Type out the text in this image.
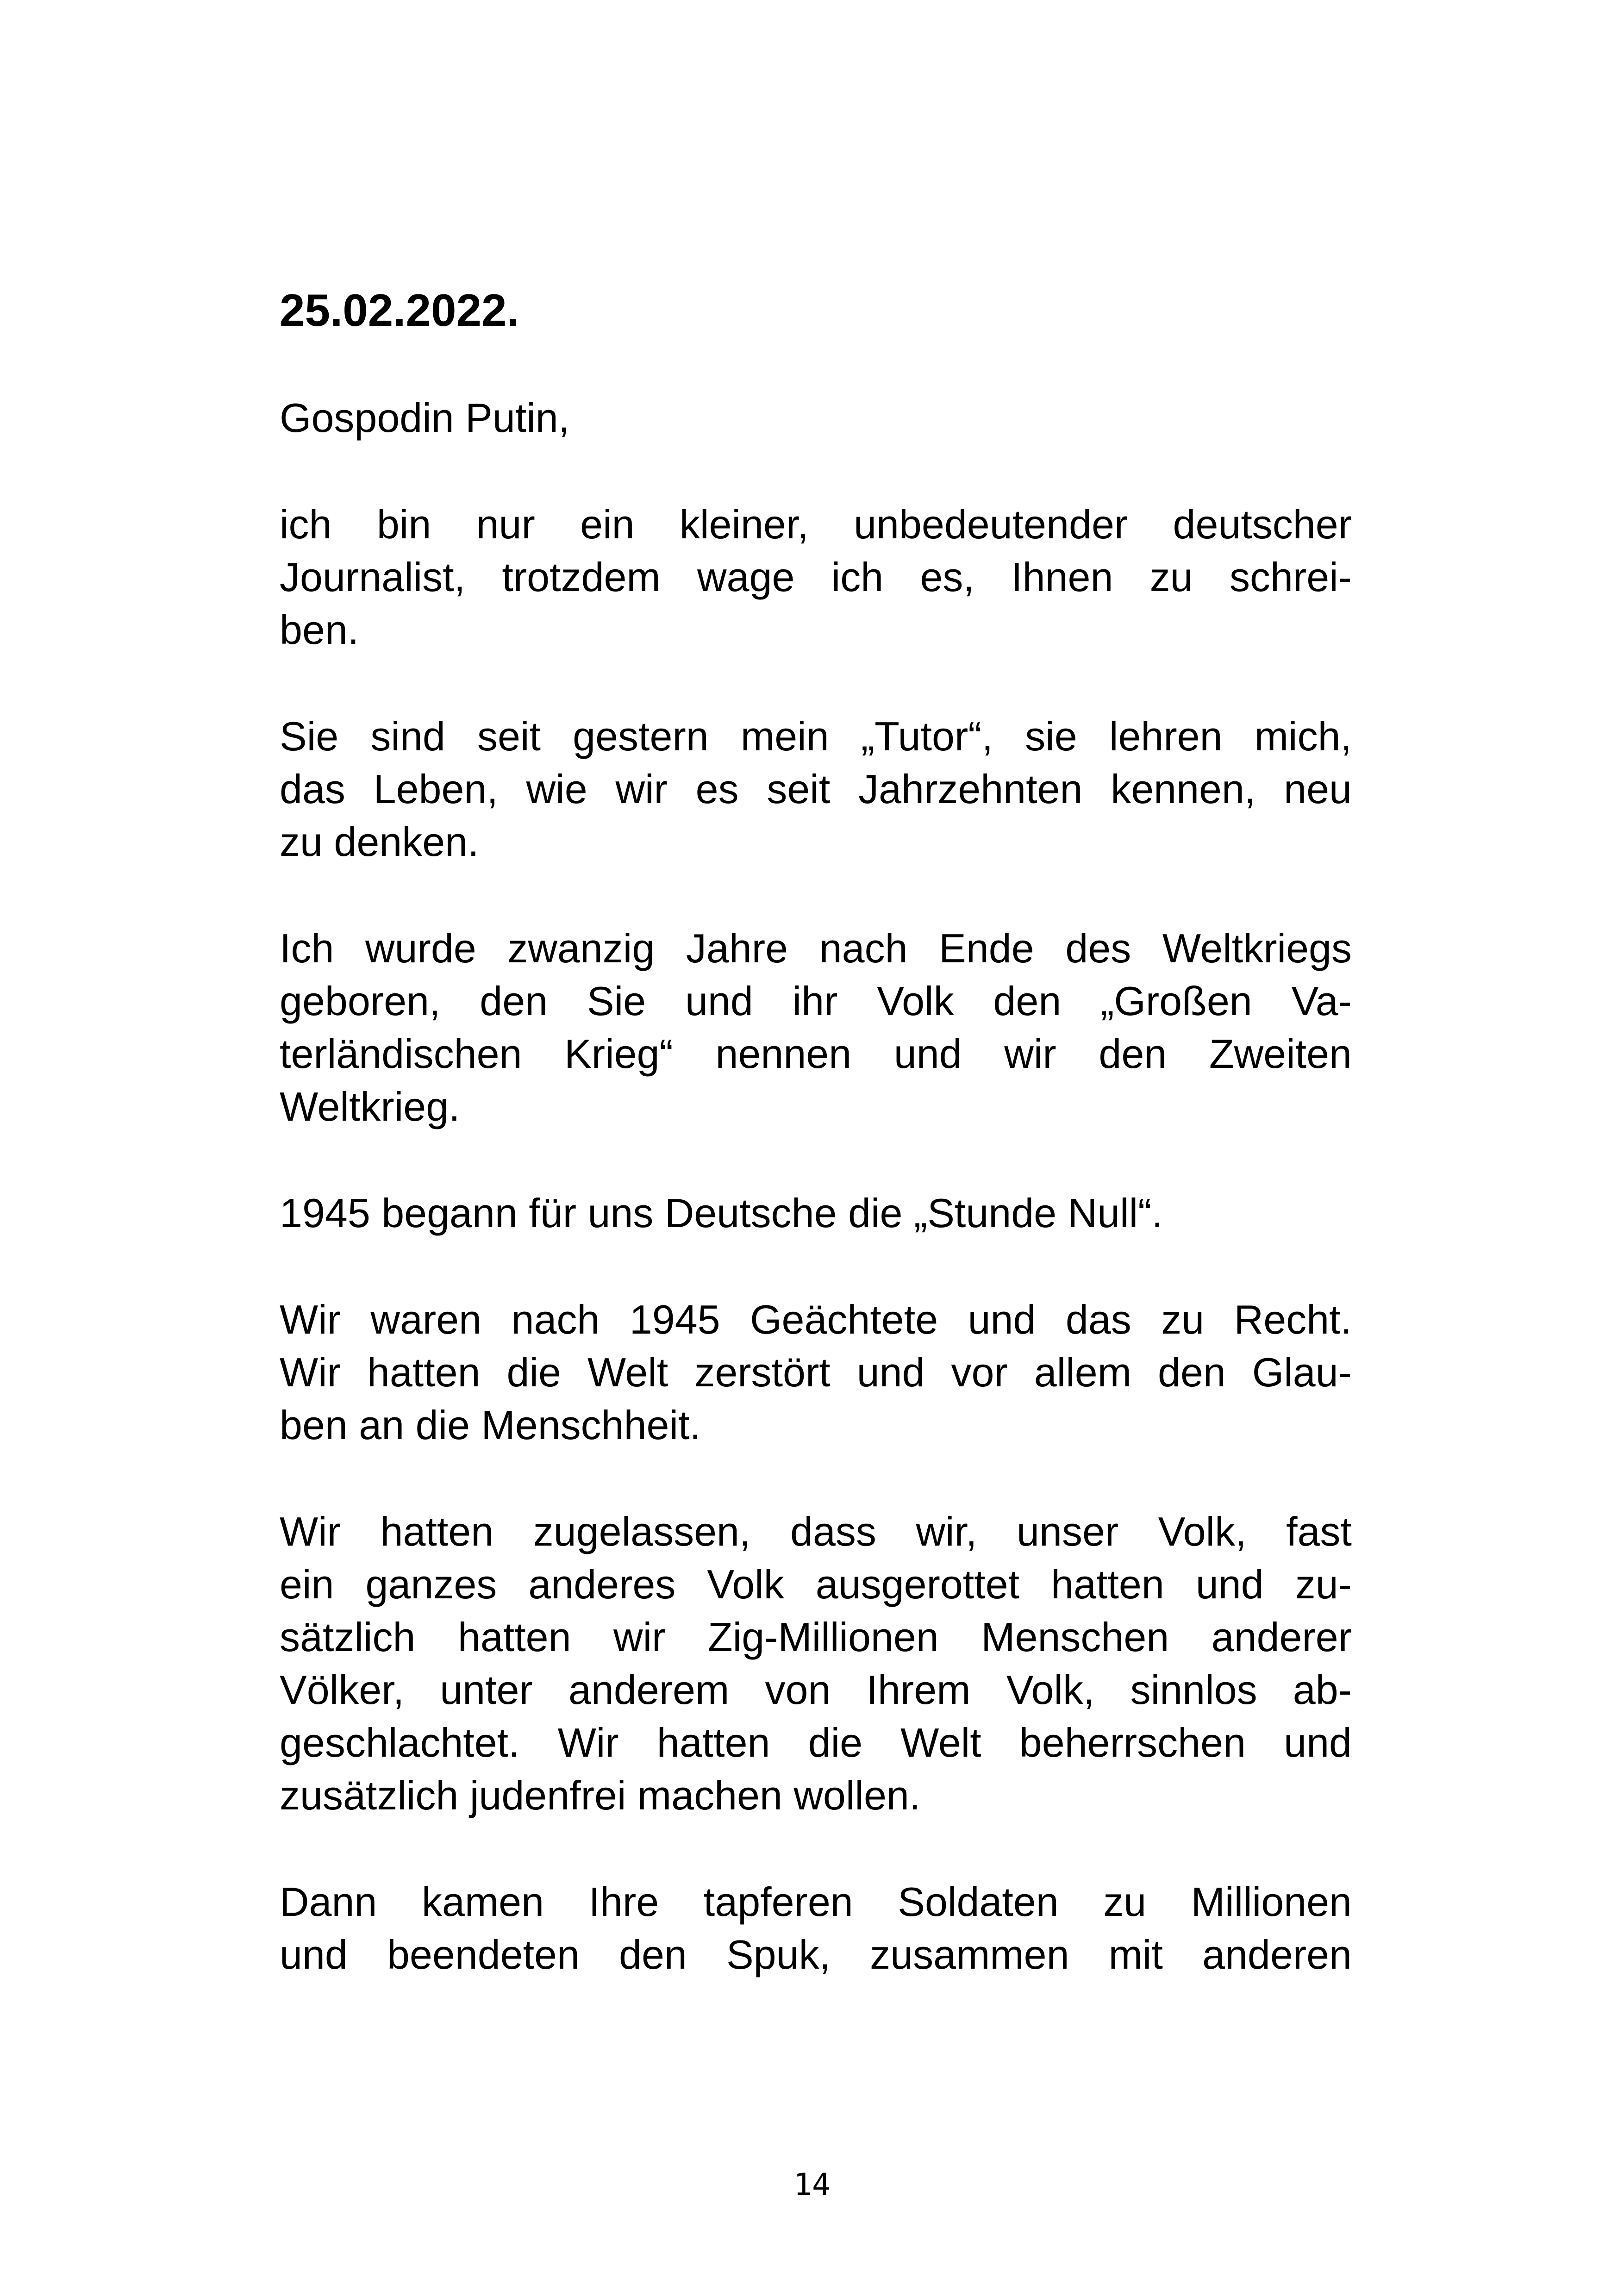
25.02.2022.
Gospodin Putin,
ich bin nur ein kleiner, unbedeutender deutscher
Journalist, trotzdem wage ich es, Ihnen zu schrei-
ben.
Sie sind seit gestern mein „Tutor“, sie lehren mich,
das Leben, wie wir es seit Jahrzehnten kennen, neu
zu denken.
Ich wurde zwanzig Jahre nach Ende des Weltkriegs
geboren, den Sie und ihr Volk den „Großen Va-
terländischen Krieg“ nennen und wir den Zweiten
Weltkrieg.
1945 begann für uns Deutsche die „Stunde Null“.
Wir waren nach 1945 Geächtete und das zu Recht.
Wir hatten die Welt zerstört und vor allem den Glau-
ben an die Menschheit.
Wir hatten zugelassen, dass wir, unser Volk, fast
ein ganzes anderes Volk ausgerottet hatten und zu-
sätzlich hatten wir Zig-Millionen Menschen anderer
Völker, unter anderem von Ihrem Volk, sinnlos ab-
geschlachtet. Wir hatten die Welt beherrschen und
zusätzlich judenfrei machen wollen.
Dann kamen Ihre tapferen Soldaten zu Millionen
und beendeten den Spuk, zusammen mit anderen
14
